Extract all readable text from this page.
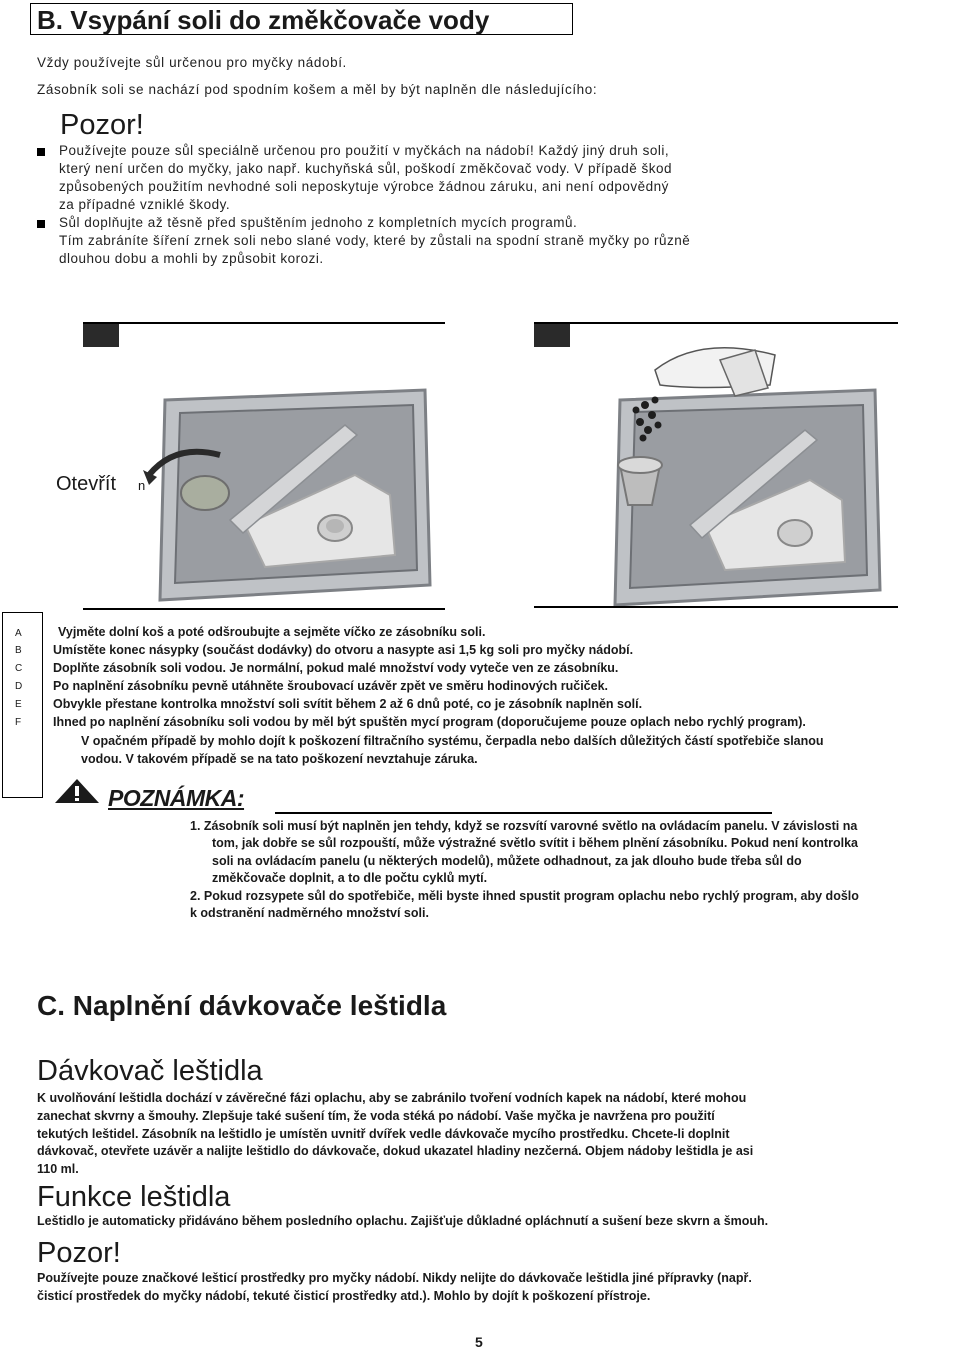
B. Vsypání soli do změkčovače vody
Vždy používejte sůl určenou pro myčky nádobí.
Zásobník soli se nachází pod spodním košem a měl by být naplněn dle následujícího:
Pozor!
Používejte pouze sůl speciálně určenou pro použití v myčkách na nádobí! Každý jiný druh soli,
který není určen do myčky, jako např. kuchyňská sůl, poškodí změkčovač vody. V případě škod
způsobených použitím nevhodné soli neposkytuje výrobce žádnou záruku, ani není odpovědný
za případné vzniklé škody.
Sůl doplňujte až těsně před spuštěním jednoho z kompletních mycích programů.
Tím zabráníte šíření zrnek soli nebo slané vody, které by zůstali na spodní straně myčky po různě
dlouhou dobu a mohli by způsobit korozi.
Otevřít n
A
B
C
D
E
F
Vyjměte dolní koš a poté odšroubujte a sejměte víčko ze zásobníku soli.
Umístěte konec násypky (součást dodávky) do otvoru a nasypte asi 1,5 kg soli pro myčky nádobí.
Doplňte zásobník soli vodou. Je normální, pokud malé množství vody vyteče ven ze zásobníku.
Po naplnění zásobníku pevně utáhněte šroubovací uzávěr zpět ve směru hodinových ručiček.
Obvykle přestane kontrolka množství soli svítit během 2 až 6 dnů poté, co je zásobník naplněn solí.
Ihned po naplnění zásobníku soli vodou by měl být spuštěn mycí program (doporučujeme pouze oplach nebo rychlý program).
V opačném případě by mohlo dojít k poškození filtračního systému, čerpadla nebo dalších důležitých částí spotřebiče slanou
vodou. V takovém případě se na tato poškození nevztahuje záruka.
POZNÁMKA:
1. Zásobník soli musí být naplněn jen tehdy, když se rozsvítí varovné světlo na ovládacím panelu. V závislosti na
tom, jak dobře se sůl rozpouští, může výstražné světlo svítit i během plnění zásobníku. Pokud není kontrolka
soli na ovládacím panelu (u některých modelů), můžete odhadnout, za jak dlouho bude třeba sůl do
změkčovače doplnit, a to dle počtu cyklů mytí.
2. Pokud rozsypete sůl do spotřebiče, měli byste ihned spustit program oplachu nebo rychlý program, aby došlo
k odstranění nadměrného množství soli.
C. Naplnění dávkovače leštidla
Dávkovač leštidla
K uvolňování leštidla dochází v závěrečné fázi oplachu, aby se zabránilo tvoření vodních kapek na nádobí, které mohou
zanechat skvrny a šmouhy. Zlepšuje také sušení tím, že voda stéká po nádobí. Vaše myčka je navržena pro použití
tekutých leštidel. Zásobník na leštidlo je umístěn uvnitř dvířek vedle dávkovače mycího prostředku. Chcete-li doplnit
dávkovač, otevřete uzávěr a nalijte leštidlo do dávkovače, dokud ukazatel hladiny nezčerná. Objem nádoby leštidla je asi
110 ml.
Funkce leštidla
Leštidlo je automaticky přidáváno během posledního oplachu. Zajišťuje důkladné opláchnutí a sušení beze skvrn a šmouh.
Pozor!
Používejte pouze značkové lešticí prostředky pro myčky nádobí. Nikdy nelijte do dávkovače leštidla jiné přípravky (např.
čisticí prostředek do myčky nádobí, tekuté čisticí prostředky atd.). Mohlo by dojít k poškození přístroje.
5
